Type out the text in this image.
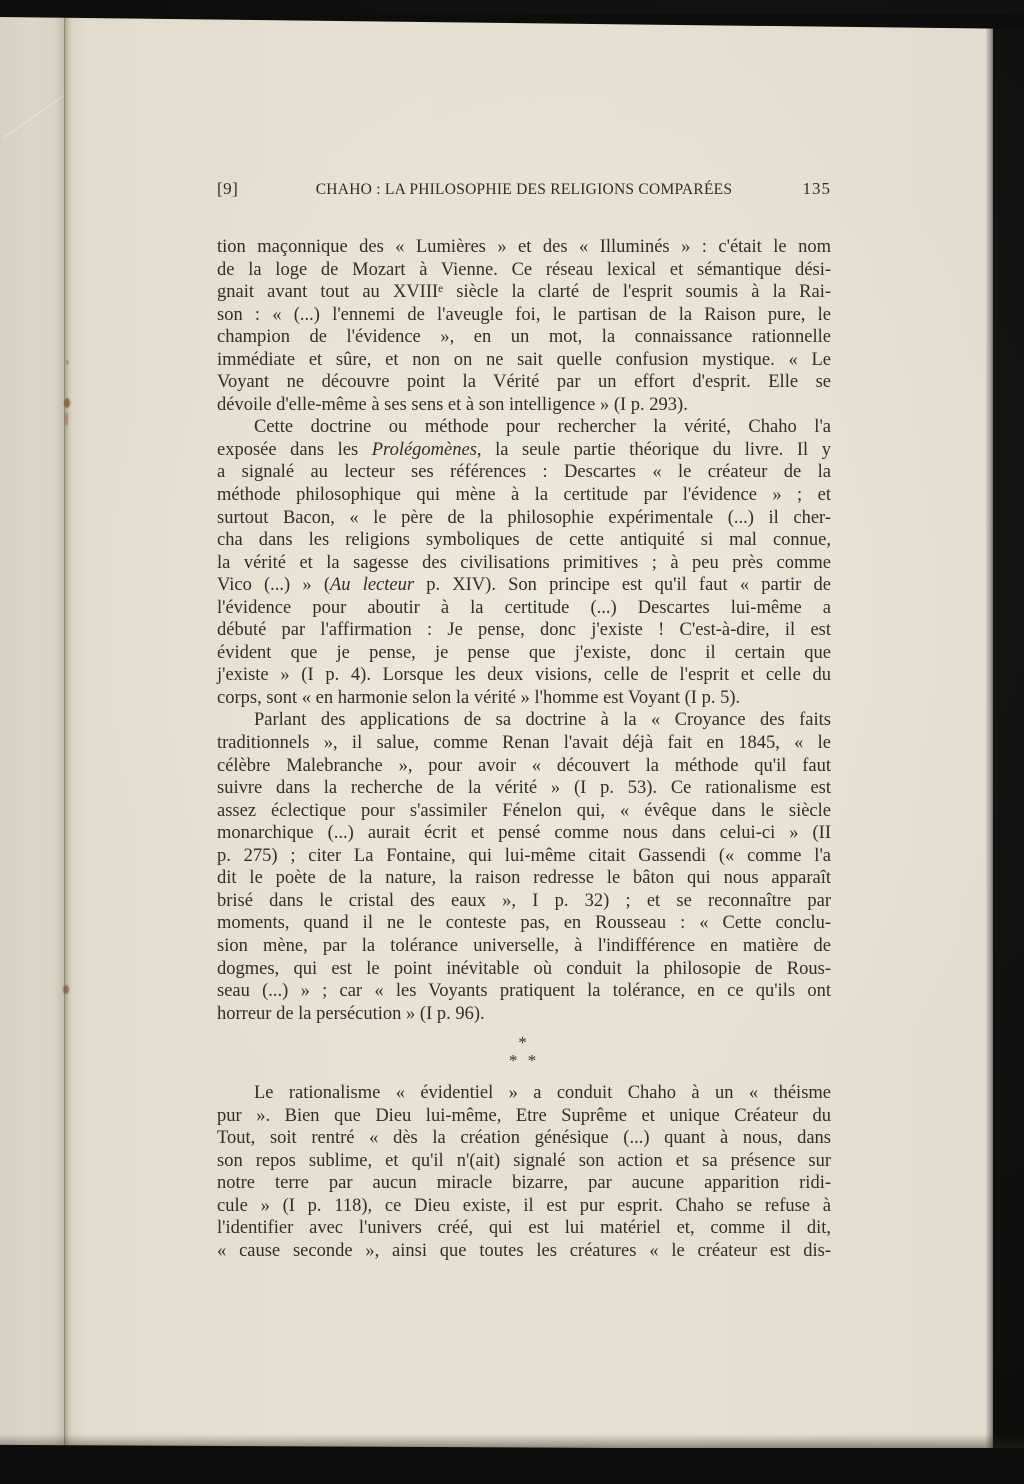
[9]	CHAHO : LA PHILOSOPHIE DES RELIGIONS COMPARÉES	135
tion maçonnique des « Lumières » et des « Illuminés » : c'était le nom
de la loge de Mozart à Vienne. Ce réseau lexical et sémantique dési-
gnait avant tout au XVIIIe siècle la clarté de l'esprit soumis à la Rai-
son : « (...) l'ennemi de l'aveugle foi, le partisan de la Raison pure, le
champion de l'évidence », en un mot, la connaissance rationnelle
immédiate et sûre, et non on ne sait quelle confusion mystique. « Le
Voyant ne découvre point la Vérité par un effort d'esprit. Elle se
dévoile d'elle-même à ses sens et à son intelligence » (I p. 293).
Cette doctrine ou méthode pour rechercher la vérité, Chaho l'a
exposée dans les Prolégomènes, la seule partie théorique du livre. Il y
a signalé au lecteur ses références : Descartes « le créateur de la
méthode philosophique qui mène à la certitude par l'évidence » ; et
surtout Bacon, « le père de la philosophie expérimentale (...) il cher-
cha dans les religions symboliques de cette antiquité si mal connue,
la vérité et la sagesse des civilisations primitives ; à peu près comme
Vico (...) » (Au lecteur p. XIV). Son principe est qu'il faut « partir de
l'évidence pour aboutir à la certitude (...) Descartes lui-même a
débuté par l'affirmation : Je pense, donc j'existe ! C'est-à-dire, il est
évident que je pense, je pense que j'existe, donc il certain que
j'existe » (I p. 4). Lorsque les deux visions, celle de l'esprit et celle du
corps, sont « en harmonie selon la vérité » l'homme est Voyant (I p. 5).
Parlant des applications de sa doctrine à la « Croyance des faits
traditionnels », il salue, comme Renan l'avait déjà fait en 1845, « le
célèbre Malebranche », pour avoir « découvert la méthode qu'il faut
suivre dans la recherche de la vérité » (I p. 53). Ce rationalisme est
assez éclectique pour s'assimiler Fénelon qui, « évêque dans le siècle
monarchique (...) aurait écrit et pensé comme nous dans celui-ci » (II
p. 275) ; citer La Fontaine, qui lui-même citait Gassendi (« comme l'a
dit le poète de la nature, la raison redresse le bâton qui nous apparaît
brisé dans le cristal des eaux », I p. 32) ; et se reconnaître par
moments, quand il ne le conteste pas, en Rousseau : « Cette conclu-
sion mène, par la tolérance universelle, à l'indifférence en matière de
dogmes, qui est le point inévitable où conduit la philosopie de Rous-
seau (...) » ; car « les Voyants pratiquent la tolérance, en ce qu'ils ont
horreur de la persécution » (I p. 96).
*
* *
Le rationalisme « évidentiel » a conduit Chaho à un « théisme
pur ». Bien que Dieu lui-même, Etre Suprême et unique Créateur du
Tout, soit rentré « dès la création génésique (...) quant à nous, dans
son repos sublime, et qu'il n'(ait) signalé son action et sa présence sur
notre terre par aucun miracle bizarre, par aucune apparition ridi-
cule » (I p. 118), ce Dieu existe, il est pur esprit. Chaho se refuse à
l'identifier avec l'univers créé, qui est lui matériel et, comme il dit,
« cause seconde », ainsi que toutes les créatures « le créateur est dis-
